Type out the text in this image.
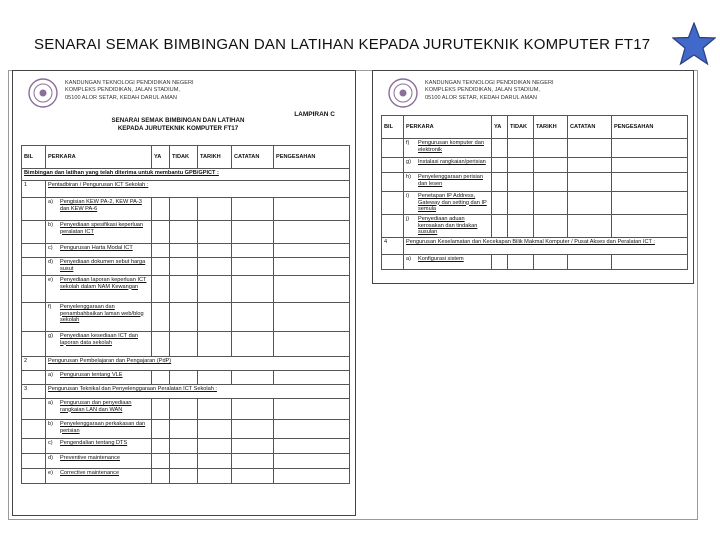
SENARAI SEMAK BIMBINGAN DAN LATIHAN KEPADA JURUTEKNIK KOMPUTER FT17
KANDUNGAN TEKNOLOGI PENDIDIKAN NEGERI
KOMPLEKS PENDIDIKAN, JALAN STADIUM,
05100 ALOR SETAR, KEDAH DARUL AMAN
LAMPIRAN C
SENARAI SEMAK BIMBINGAN DAN LATIHAN
KEPADA JURUTEKNIK KOMPUTER FT17
BIL	PERKARA	YA	TIDAK	TARIKH	CATATAN	PENGESAHAN
Bimbingan dan latihan yang telah diterima untuk membantu GPB/GPICT :						
1	Pentadbiran / Pengurusan ICT Sekolah :					

	a) Pengisian KEW PA-2, KEW PA-3 dan KEW PA-6					

	b) Penyediaan spesifikasi keperluan peralatan ICT					

	c) Pengurusan Harta Modal ICT					

	d) Penyediaan dokumen sebut harga susut					

	e) Penyediaan laporan keperluan ICT sekolah dalam NAM Kewangan					

	f) Penyelenggaraan dan penambahbaikan laman web/blog sekolah					

	g) Penyediaan kesediaan ICT dan laporan data sekolah					

2	Pengurusan Pembelajaran dan Pengajaran (PdP)					

	a) Pengurusan tentang VLE					

3	Pengurusan Teknikal dan Penyelenggaraan Peralatan ICT Sekolah :					

	a) Pengurusan dan penyediaan rangkaian LAN dan WAN					

	b) Penyelenggaraan perkakasan dan perisian					

	c) Pengendalian tentang DTS					

	d) Preventive maintenance					

	e) Corrective maintenance					

KANDUNGAN TEKNOLOGI PENDIDIKAN NEGERI
KOMPLEKS PENDIDIKAN, JALAN STADIUM,
05100 ALOR SETAR, KEDAH DARUL AMAN
BIL	PERKARA	YA	TIDAK	TARIKH	CATATAN	PENGESAHAN

	f) Pengurusan komputer dan elektronik					

	g) Instalasi rangkaian/perisian					

	h) Penyelenggaraan perisian dan lesen					

	i) Penetapan IP Address, Gateway dan setting dan IP semula					

	j) Penyediaan aduan kerosakan dan tindakan susulan					

4	Pengurusan Keselamatan dan Kecekapan Bilik Makmal Komputer / Pusat Akses dan Peralatan ICT :					

	a) Konfigurasi sistem					
